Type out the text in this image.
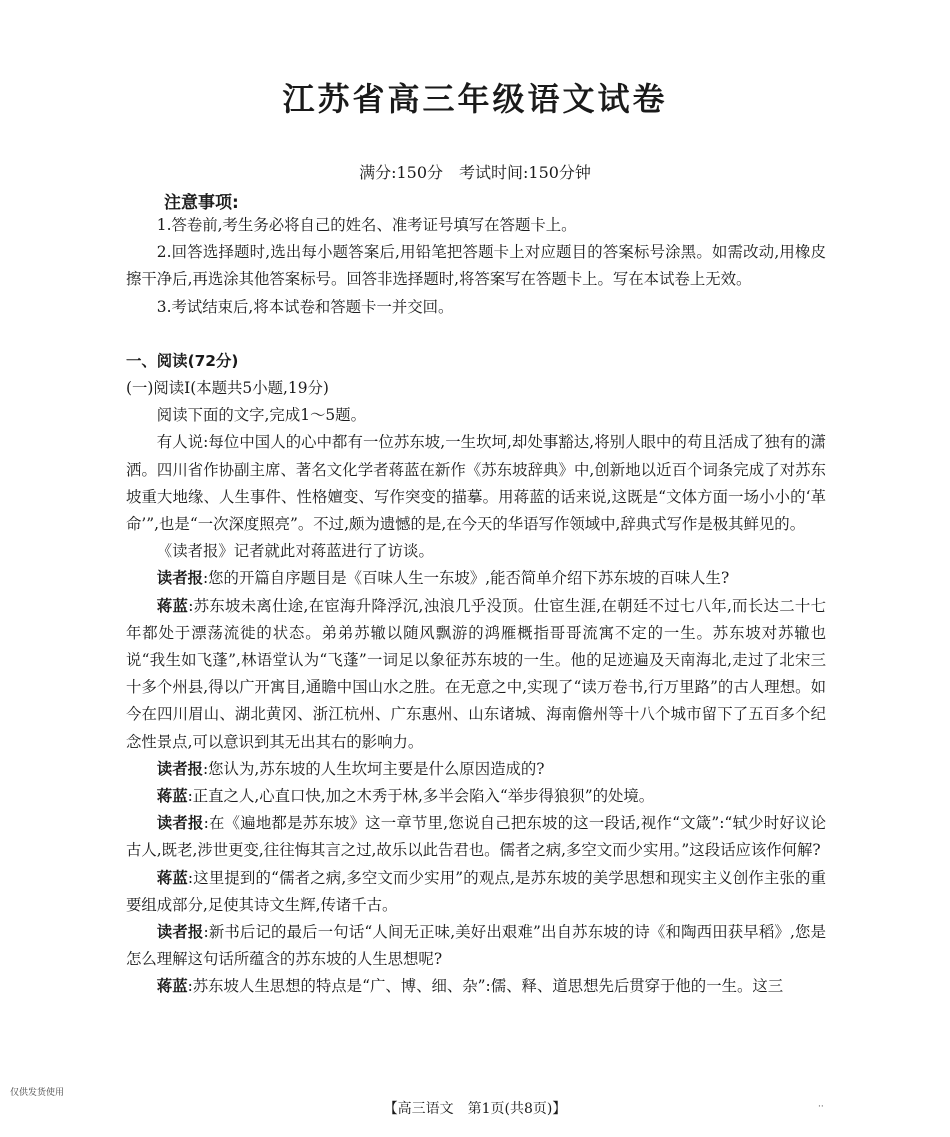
江苏省高三年级语文试卷
满分:150分　考试时间:150分钟
注意事项:

1.答卷前,考生务必将自己的姓名、准考证号填写在答题卡上。

2.回答选择题时,选出每小题答案后,用铅笔把答题卡上对应题目的答案标号涂黑。如需改动,用橡皮擦干净后,再选涂其他答案标号。回答非选择题时,将答案写在答题卡上。写在本试卷上无效。

3.考试结束后,将本试卷和答题卡一并交回。

一、阅读(72分)

(一)阅读Ⅰ(本题共5小题,19分)

阅读下面的文字,完成1～5题。

有人说:每位中国人的心中都有一位苏东坡,一生坎坷,却处事豁达,将别人眼中的苟且活成了独有的潇洒。四川省作协副主席、著名文化学者蒋蓝在新作《苏东坡辞典》中,创新地以近百个词条完成了对苏东坡重大地缘、人生事件、性格嬗变、写作突变的描摹。用蒋蓝的话来说,这既是“文体方面一场小小的‘革命’”,也是“一次深度照亮”。不过,颇为遗憾的是,在今天的华语写作领域中,辞典式写作是极其鲜见的。

《读者报》记者就此对蒋蓝进行了访谈。

读者报:您的开篇自序题目是《百味人生一东坡》,能否简单介绍下苏东坡的百味人生?

蒋蓝:苏东坡未离仕途,在宦海升降浮沉,浊浪几乎没顶。仕宦生涯,在朝廷不过七八年,而长达二十七年都处于漂荡流徙的状态。弟弟苏辙以随风飘游的鸿雁概指哥哥流寓不定的一生。苏东坡对苏辙也说“我生如飞蓬”,林语堂认为“飞蓬”一词足以象征苏东坡的一生。他的足迹遍及天南海北,走过了北宋三十多个州县,得以广开寓目,通瞻中国山水之胜。在无意之中,实现了“读万卷书,行万里路”的古人理想。如今在四川眉山、湖北黄冈、浙江杭州、广东惠州、山东诸城、海南儋州等十八个城市留下了五百多个纪念性景点,可以意识到其无出其右的影响力。

读者报:您认为,苏东坡的人生坎坷主要是什么原因造成的?

蒋蓝:正直之人,心直口快,加之木秀于林,多半会陷入“举步得狼狈”的处境。

读者报:在《遍地都是苏东坡》这一章节里,您说自己把东坡的这一段话,视作“文箴”:“轼少时好议论古人,既老,涉世更变,往往悔其言之过,故乐以此告君也。儒者之病,多空文而少实用。”这段话应该作何解?

蒋蓝:这里提到的“儒者之病,多空文而少实用”的观点,是苏东坡的美学思想和现实主义创作主张的重要组成部分,足使其诗文生辉,传诸千古。

读者报:新书后记的最后一句话“人间无正味,美好出艰难”出自苏东坡的诗《和陶西田获早稻》,您是怎么理解这句话所蕴含的苏东坡的人生思想呢?

蒋蓝:苏东坡人生思想的特点是“广、博、细、杂”:儒、释、道思想先后贯穿于他的一生。这三

仅供发货使用
【高三语文　第1页(共8页)】	··
